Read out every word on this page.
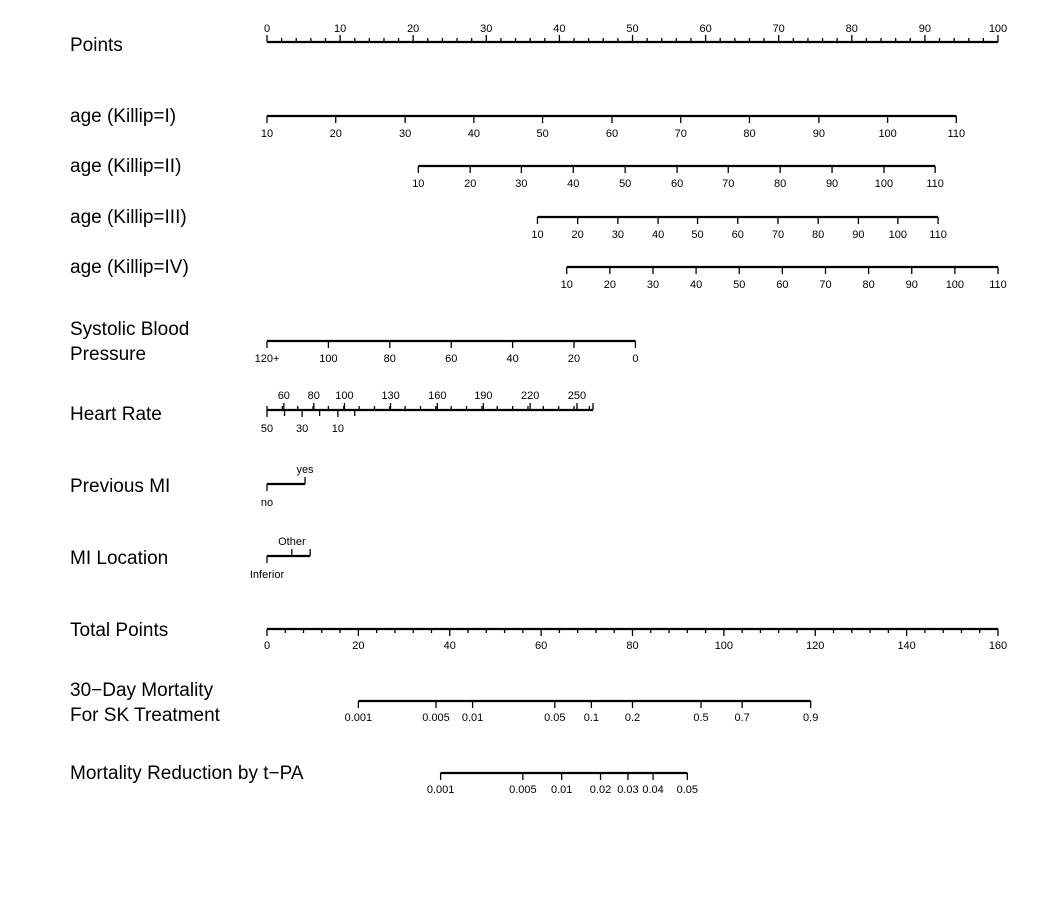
Points
0	10	20	30	40	50	60	70	80	90	100
age (Killip=I)
10	20	30	40	50	60	70	80	90	100	110
age (Killip=II)
10	20	30	40	50	60	70	80	90	100	110
age (Killip=III)
10	20	30	40 50	60	70	80	90 100 110
age (Killip=IV)
10	20	30	40	50	60	70	80	90	100 110
Systolic Blood
Pressure	120+	100	80	60	40	20	0
Heart Rate
60 80 100	130	160	190	220	250
50 30 10
Previous MI
yes
no
MI Location
Other
Inferior
Total Points
0	20	40	60	80	100	120	140	160
30−Day Mortality
For SK Treatment	0.001	0.005 0.01	0.05 0.1 0.2	0.5 0.7	0.9
Mortality Reduction by t−PA
0.001	0.005 0.01 0.02 0.03 0.04 0.05
